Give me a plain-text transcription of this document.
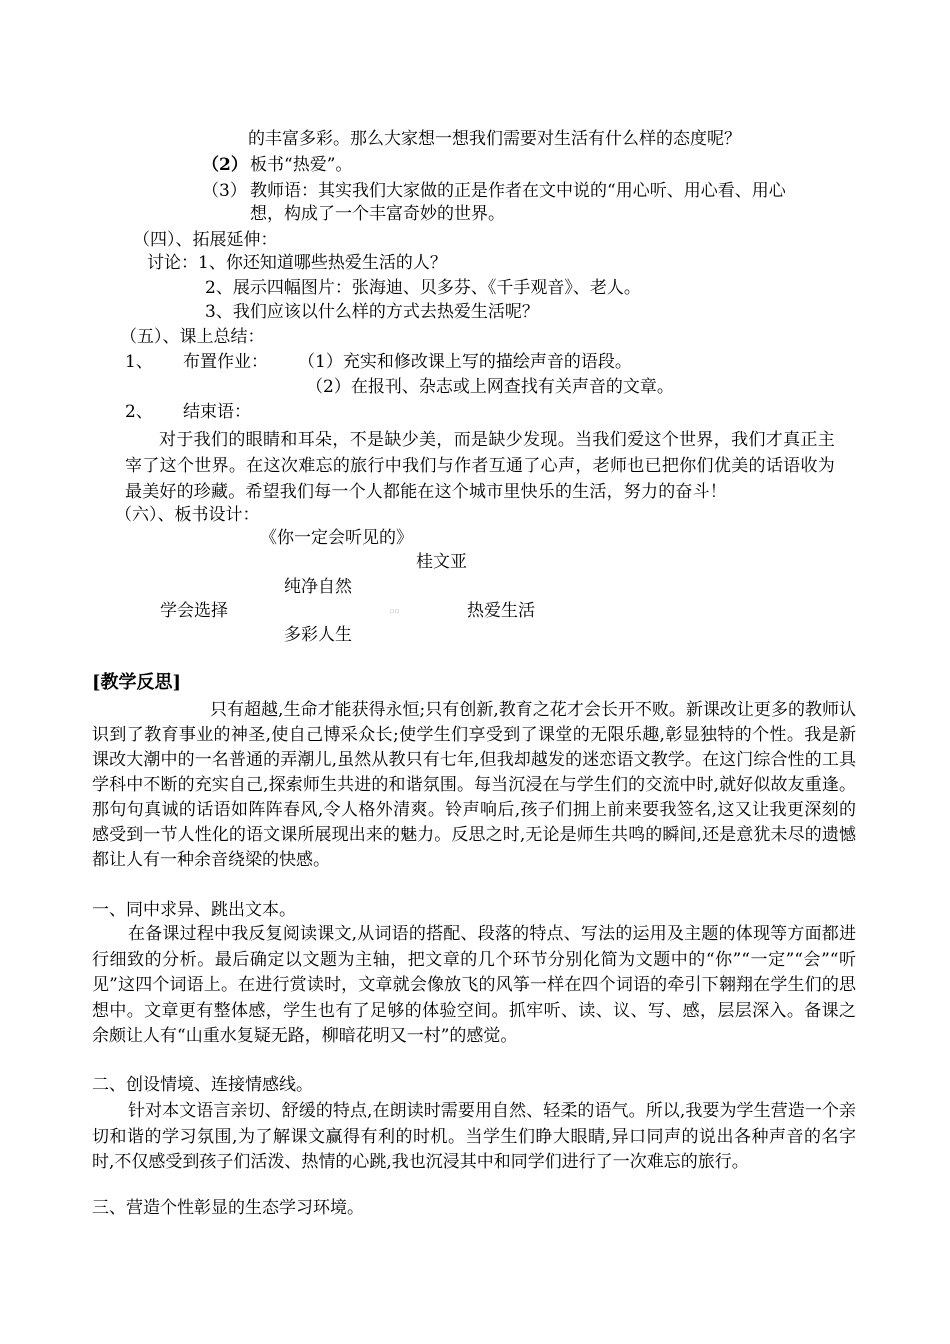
的丰富多彩。那么大家想一想我们需要对生活有什么样的态度呢？
（2） 板书“热爱”。
（3） 教师语：其实我们大家做的正是作者在文中说的“用心听、用心看、用心
想，构成了一个丰富奇妙的世界。
（四）、拓展延伸：
讨论：1、你还知道哪些热爱生活的人？
2、展示四幅图片：张海迪、贝多芬、《千手观音》、老人。
3、我们应该以什么样的方式去热爱生活呢？
（五）、课上总结：
1、 布置作业： （1）充实和修改课上写的描绘声音的语段。
（2）在报刊、杂志或上网查找有关声音的文章。
2、 结束语：
对于我们的眼睛和耳朵，不是缺少美，而是缺少发现。当我们爱这个世界，我们才真正主宰了这个世界。在这次难忘的旅行中我们与作者互通了心声，老师也已把你们优美的话语收为最美好的珍藏。希望我们每一个人都能在这个城市里快乐的生活，努力的奋斗！
（六）、板书设计：
《你一定会听见的》
桂文亚
纯净自然
学会选择	▫▫	热爱生活
多彩人生
[教学反思]
只有超越,生命才能获得永恒;只有创新,教育之花才会长开不败。新课改让更多的教师认识到了教育事业的神圣,使自己博采众长;使学生们享受到了课堂的无限乐趣,彰显独特的个性。我是新课改大潮中的一名普通的弄潮儿,虽然从教只有七年,但我却越发的迷恋语文教学。在这门综合性的工具学科中不断的充实自己,探索师生共进的和谐氛围。每当沉浸在与学生们的交流中时,就好似故友重逢。那句句真诚的话语如阵阵春风,令人格外清爽。铃声响后,孩子们拥上前来要我签名,这又让我更深刻的感受到一节人性化的语文课所展现出来的魅力。反思之时,无论是师生共鸣的瞬间,还是意犹未尽的遗憾都让人有一种余音绕梁的快感。
一、同中求异、跳出文本。
在备课过程中我反复阅读课文,从词语的搭配、段落的特点、写法的运用及主题的体现等方面都进行细致的分析。最后确定以文题为主轴，把文章的几个环节分别化简为文题中的“你”“一定”“会”“听见”这四个词语上。在进行赏读时，文章就会像放飞的风筝一样在四个词语的牵引下翱翔在学生们的思想中。文章更有整体感，学生也有了足够的体验空间。抓牢听、读、议、写、感，层层深入。备课之余颇让人有“山重水复疑无路，柳暗花明又一村”的感觉。
二、创设情境、连接情感线。
针对本文语言亲切、舒缓的特点,在朗读时需要用自然、轻柔的语气。所以,我要为学生营造一个亲切和谐的学习氛围,为了解课文赢得有利的时机。当学生们睁大眼睛,异口同声的说出各种声音的名字时,不仅感受到孩子们活泼、热情的心跳,我也沉浸其中和同学们进行了一次难忘的旅行。
三、营造个性彰显的生态学习环境。
